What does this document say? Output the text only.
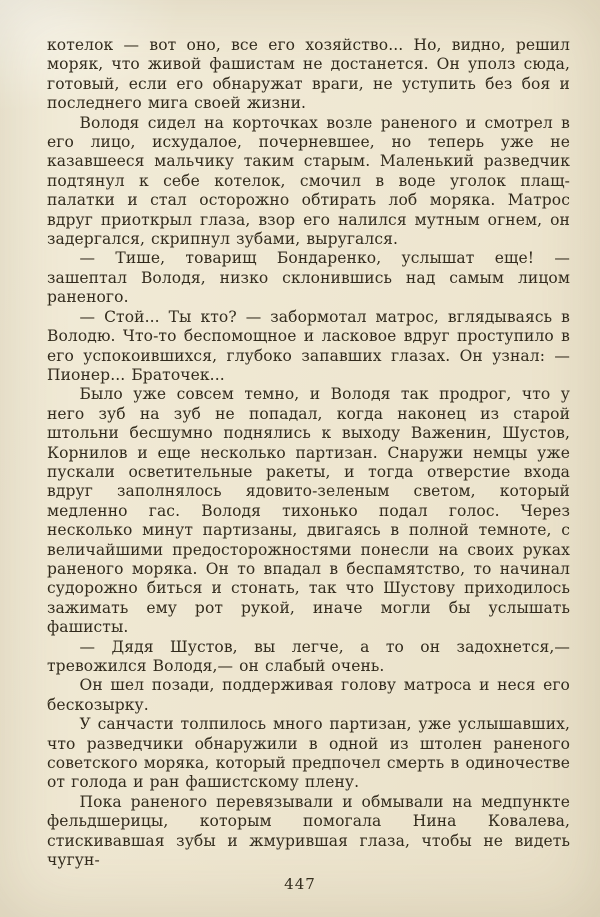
котелок — вот оно, все его хозяйство... Но, видно, решил моряк, что живой фашистам не достанется. Он уполз сюда, готовый, если его обнаружат враги, не уступить без боя и последнего мига своей жизни.

Володя сидел на корточках возле раненого и смотрел в его лицо, исхудалое, почерневшее, но теперь уже не казавшееся мальчику таким старым. Маленький разведчик подтянул к себе котелок, смочил в воде уголок плащ-палатки и стал осторожно обтирать лоб моряка. Матрос вдруг приоткрыл глаза, взор его налился мутным огнем, он задергался, скрипнул зубами, выругался.

— Тише, товарищ Бондаренко, услышат еще! — зашептал Володя, низко склонившись над самым лицом раненого.

— Стой... Ты кто? — забормотал матрос, вглядываясь в Володю. Что-то беспомощное и ласковое вдруг проступило в его успокоившихся, глубоко запавших глазах. Он узнал: — Пионер... Браточек...

Было уже совсем темно, и Володя так продрог, что у него зуб на зуб не попадал, когда наконец из старой штольни бесшумно поднялись к выходу Важенин, Шустов, Корнилов и еще несколько партизан. Снаружи немцы уже пускали осветительные ракеты, и тогда отверстие входа вдруг заполнялось ядовито-зеленым светом, который медленно гас. Володя тихонько подал голос. Через несколько минут партизаны, двигаясь в полной темноте, с величайшими предосторожностями понесли на своих руках раненого моряка. Он то впадал в беспамятство, то начинал судорожно биться и стонать, так что Шустову приходилось зажимать ему рот рукой, иначе могли бы услышать фашисты.

— Дядя Шустов, вы легче, а то он задохнется,— тревожился Володя,— он слабый очень.

Он шел позади, поддерживая голову матроса и неся его бескозырку.

У санчасти толпилось много партизан, уже услышавших, что разведчики обнаружили в одной из штолен раненого советского моряка, который предпочел смерть в одиночестве от голода и ран фашистскому плену.

Пока раненого перевязывали и обмывали на медпункте фельдшерицы, которым помогала Нина Ковалева, стискивавшая зубы и жмурившая глаза, чтобы не видеть чугун-

447
